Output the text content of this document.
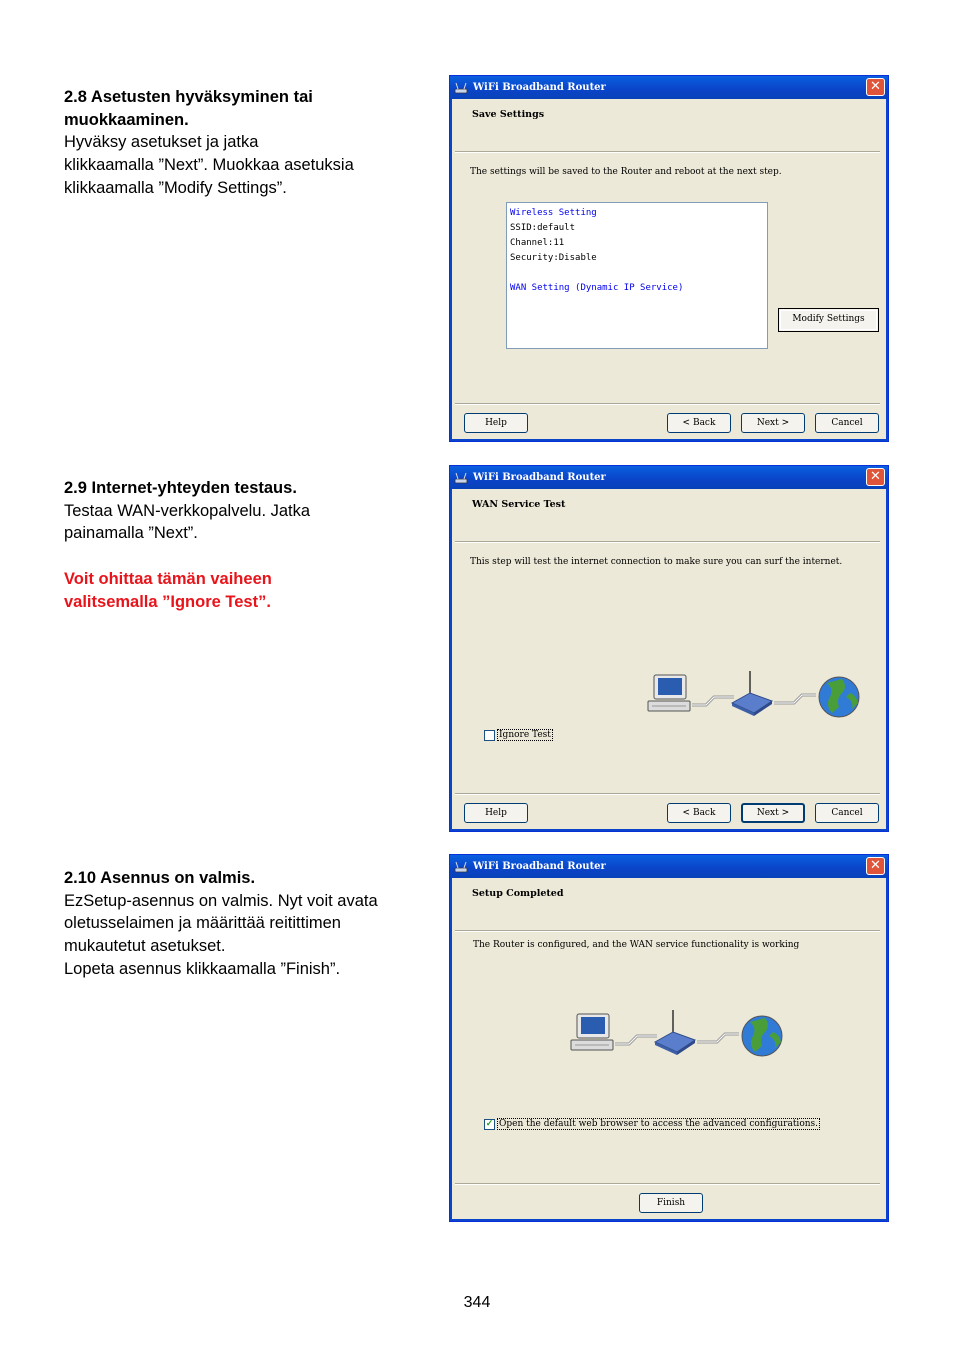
2.8 Asetusten hyväksyminen tai muokkaaminen.
Hyväksy asetukset ja jatka
klikkaamalla ”Next”. Muokkaa asetuksia
klikkaamalla ”Modify Settings”.
WiFi Broadband Router	✕
Save Settings
The settings will be saved to the Router and reboot at the next step.
Wireless Setting
SSID:default
Channel:11
Security:Disable
WAN Setting (Dynamic IP Service)
Modify Settings
Help	< Back	Next >	Cancel
2.9 Internet-yhteyden testaus.
Testaa WAN-verkkopalvelu. Jatka
painamalla ”Next”.
Voit ohittaa tämän vaiheen
valitsemalla ”Ignore Test”.
WiFi Broadband Router	✕
WAN Service Test
This step will test the internet connection to make sure you can surf the internet.
Ignore Test
Help	< Back	Next >	Cancel
2.10 Asennus on valmis.
EzSetup-asennus on valmis. Nyt voit avata
oletusselaimen ja määrittää reitittimen
mukautetut asetukset.
Lopeta asennus klikkaamalla ”Finish”.
WiFi Broadband Router	✕
Setup Completed
The Router is configured, and the WAN service functionality is working
✓ Open the default web browser to access the advanced configurations.
Finish
344
